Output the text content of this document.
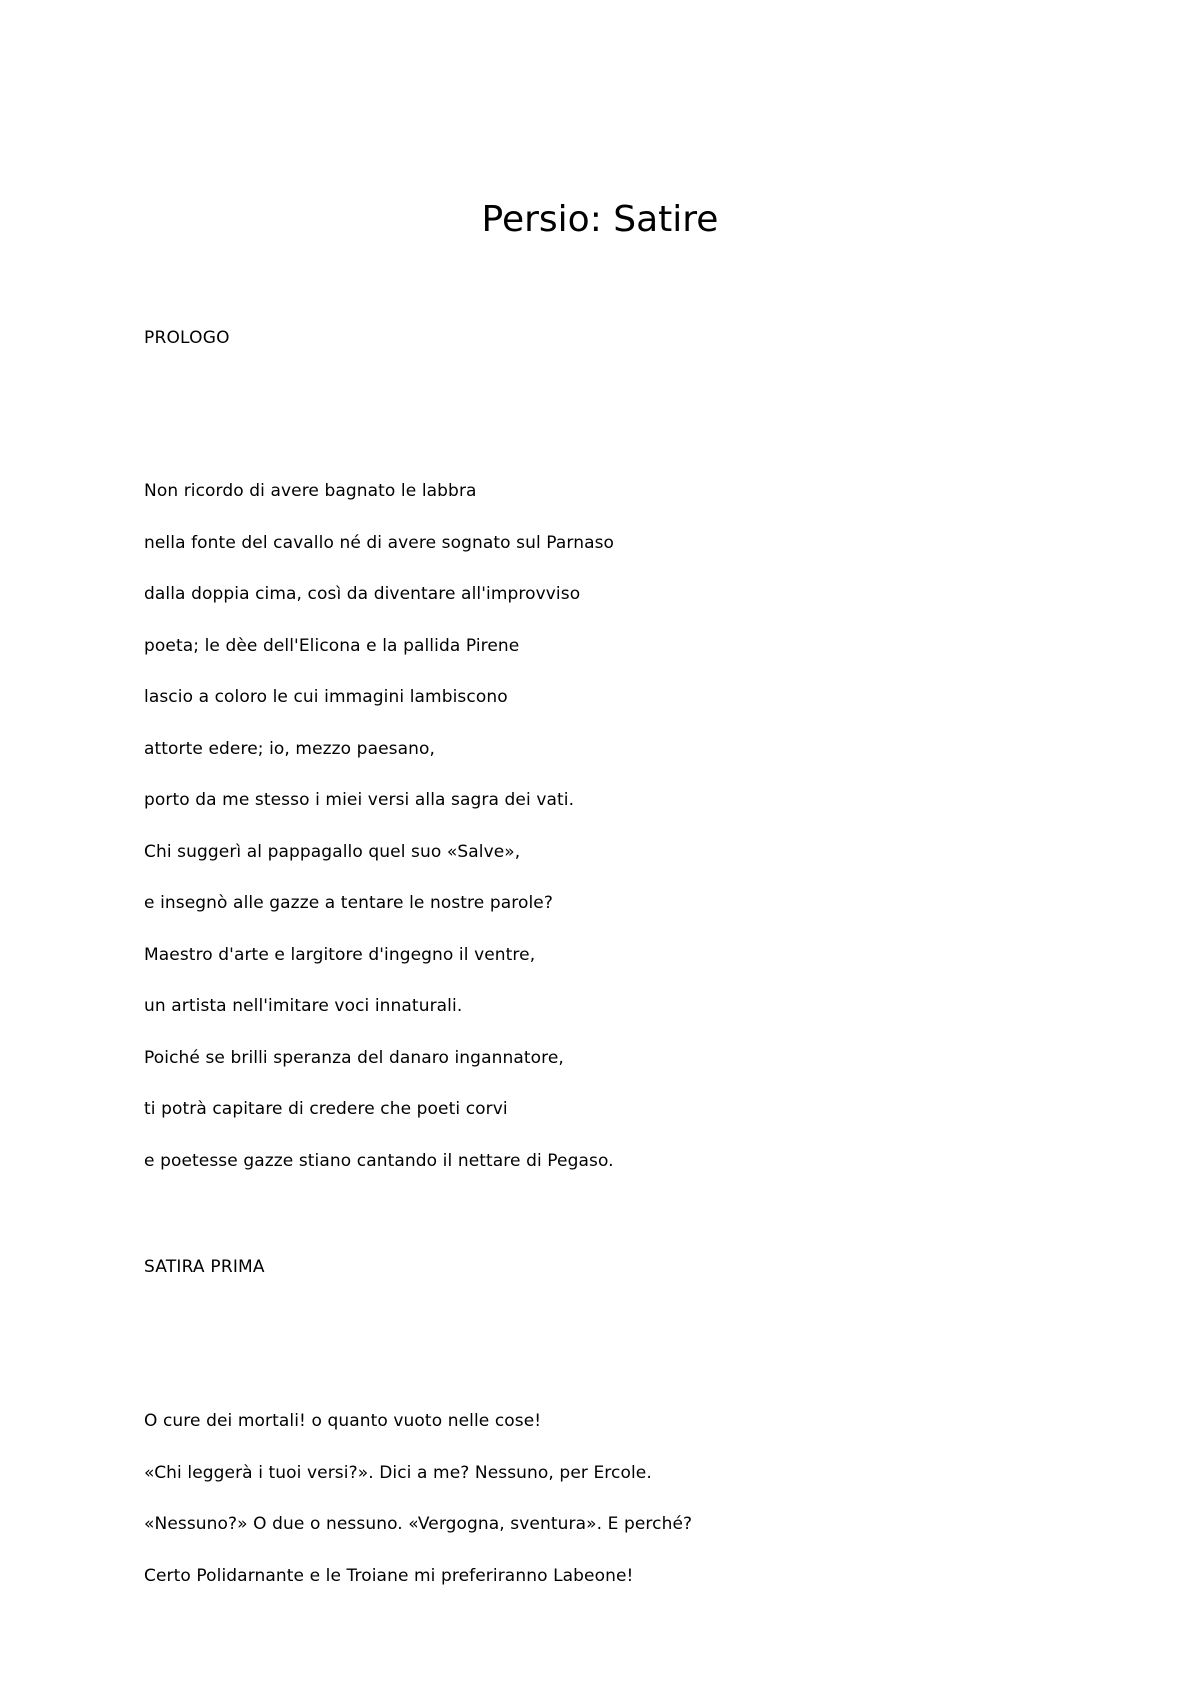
Persio: Satire
PROLOGO
Non ricordo di avere bagnato le labbra
nella fonte del cavallo né di avere sognato sul Parnaso
dalla doppia cima, così da diventare all'improvviso
poeta; le dèe dell'Elicona e la pallida Pirene
lascio a coloro le cui immagini lambiscono
attorte edere; io, mezzo paesano,
porto da me stesso i miei versi alla sagra dei vati.
Chi suggerì al pappagallo quel suo «Salve»,
e insegnò alle gazze a tentare le nostre parole?
Maestro d'arte e largitore d'ingegno il ventre,
un artista nell'imitare voci innaturali.
Poiché se brilli speranza del danaro ingannatore,
ti potrà capitare di credere che poeti corvi
e poetesse gazze stiano cantando il nettare di Pegaso.
SATIRA PRIMA
O cure dei mortali! o quanto vuoto nelle cose!
«Chi leggerà i tuoi versi?». Dici a me? Nessuno, per Ercole.
«Nessuno?» O due o nessuno. «Vergogna, sventura». E perché?
Certo Polidarnante e le Troiane mi preferiranno Labeone!
